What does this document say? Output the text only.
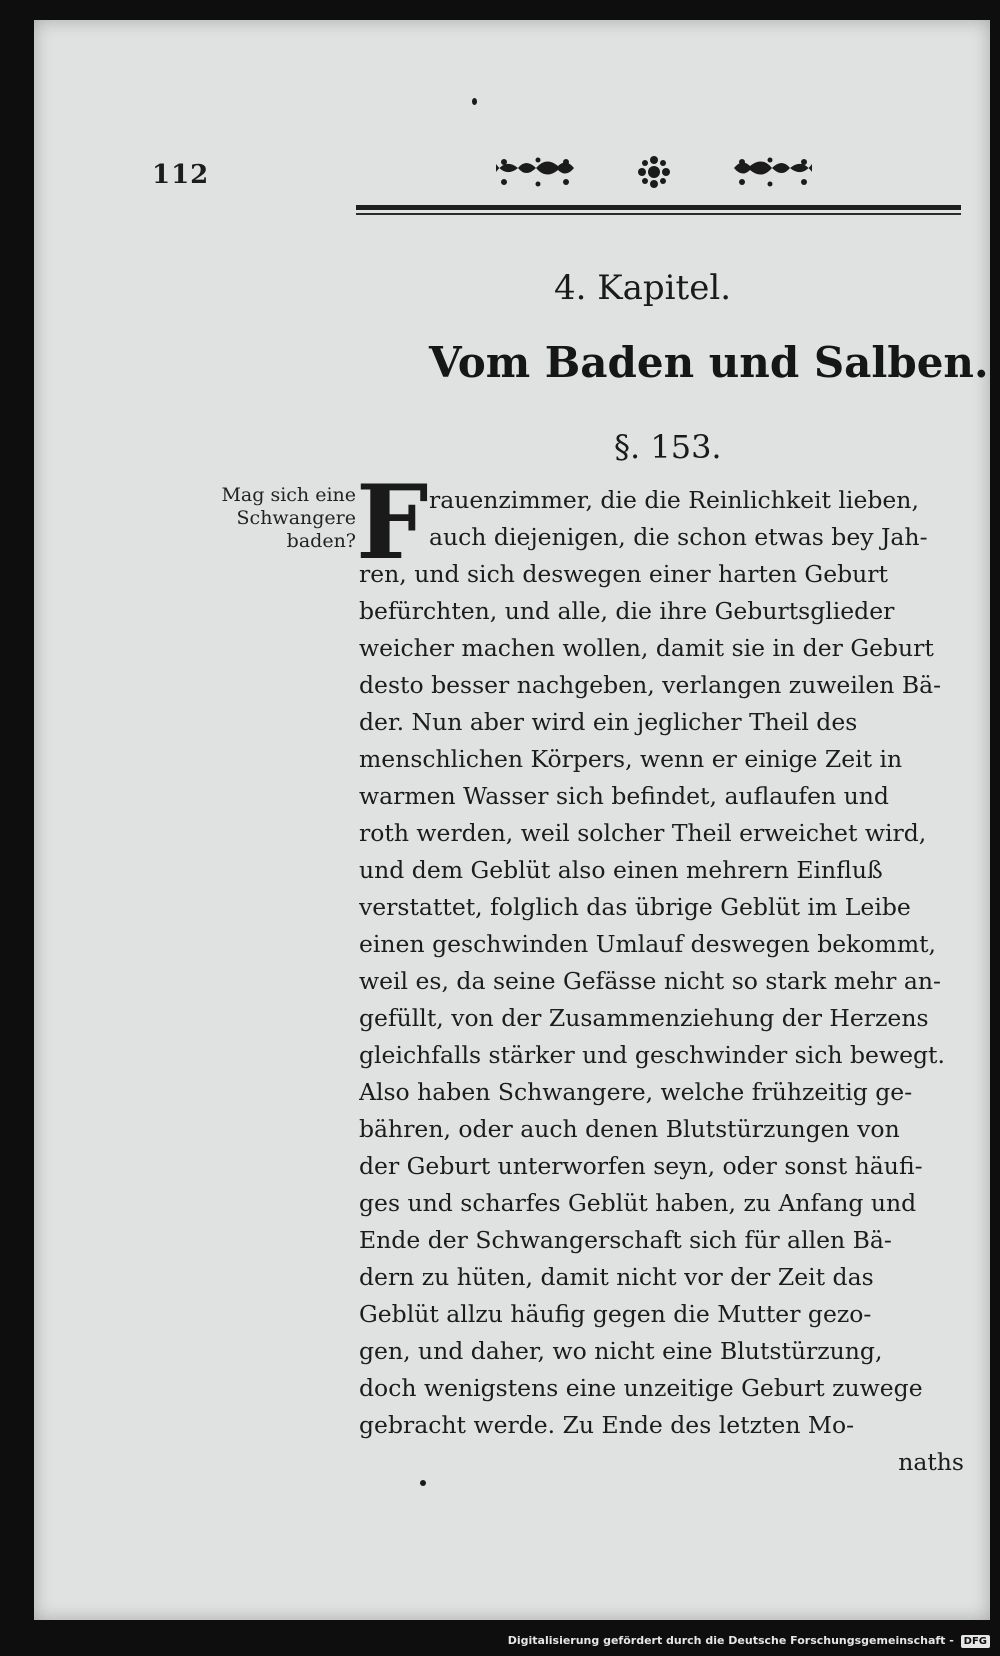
112
4. Kapitel.
Vom Baden und Salben.
§. 153.
Mag sich eine
Schwangere
baden? F rauenzimmer, die die Reinlichkeit lieben,
auch diejenigen, die schon etwas bey Jah-
ren, und sich deswegen einer harten Geburt
befürchten, und alle, die ihre Geburtsglieder
weicher machen wollen, damit sie in der Geburt
desto besser nachgeben, verlangen zuweilen Bä-
der. Nun aber wird ein jeglicher Theil des
menschlichen Körpers, wenn er einige Zeit in
warmen Wasser sich befindet, auflaufen und
roth werden, weil solcher Theil erweichet wird,
und dem Geblüt also einen mehrern Einfluß
verstattet, folglich das übrige Geblüt im Leibe
einen geschwinden Umlauf deswegen bekommt,
weil es, da seine Gefässe nicht so stark mehr an-
gefüllt, von der Zusammenziehung der Herzens
gleichfalls stärker und geschwinder sich bewegt.
Also haben Schwangere, welche frühzeitig ge-
bähren, oder auch denen Blutstürzungen von
der Geburt unterworfen seyn, oder sonst häufi-
ges und scharfes Geblüt haben, zu Anfang und
Ende der Schwangerschaft sich für allen Bä-
dern zu hüten, damit nicht vor der Zeit das
Geblüt allzu häufig gegen die Mutter gezo-
gen, und daher, wo nicht eine Blutstürzung,
doch wenigstens eine unzeitige Geburt zuwege
gebracht werde. Zu Ende des letzten Mo-
naths
Digitalisierung gefördert durch die Deutsche Forschungsgemeinschaft - DFG
